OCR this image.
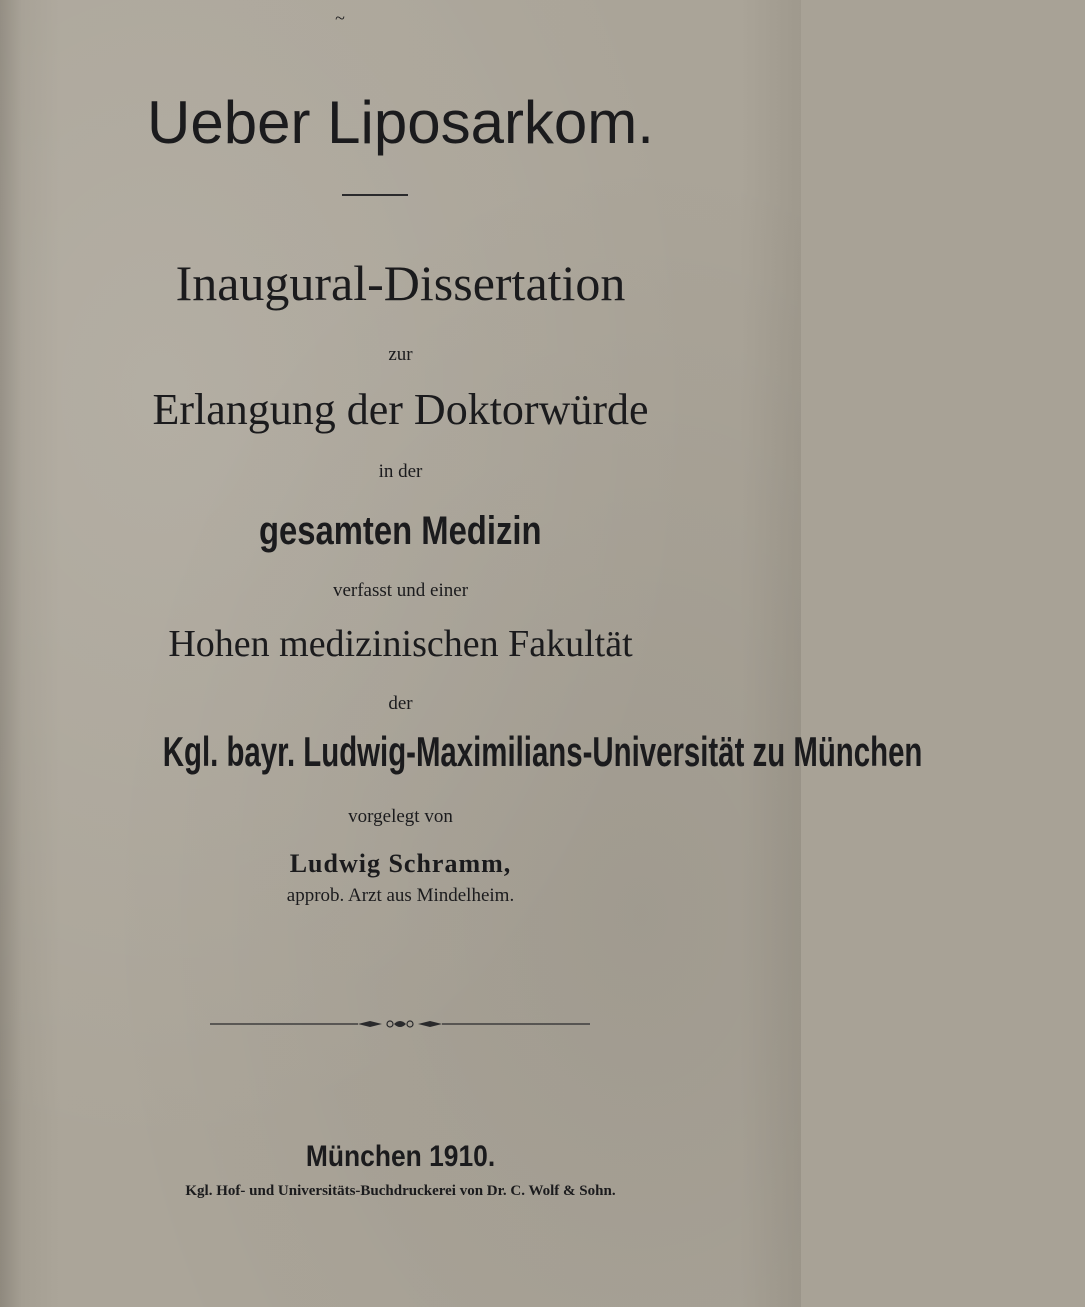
~
Ueber Liposarkom.
Inaugural-Dissertation
zur
Erlangung der Doktorwürde
in der
gesamten Medizin
verfasst und einer
Hohen medizinischen Fakultät
der
Kgl. bayr. Ludwig-Maximilians-Universität zu München
vorgelegt von
Ludwig Schramm,
approb. Arzt aus Mindelheim.
München 1910.
Kgl. Hof- und Universitäts-Buchdruckerei von Dr. C. Wolf & Sohn.
